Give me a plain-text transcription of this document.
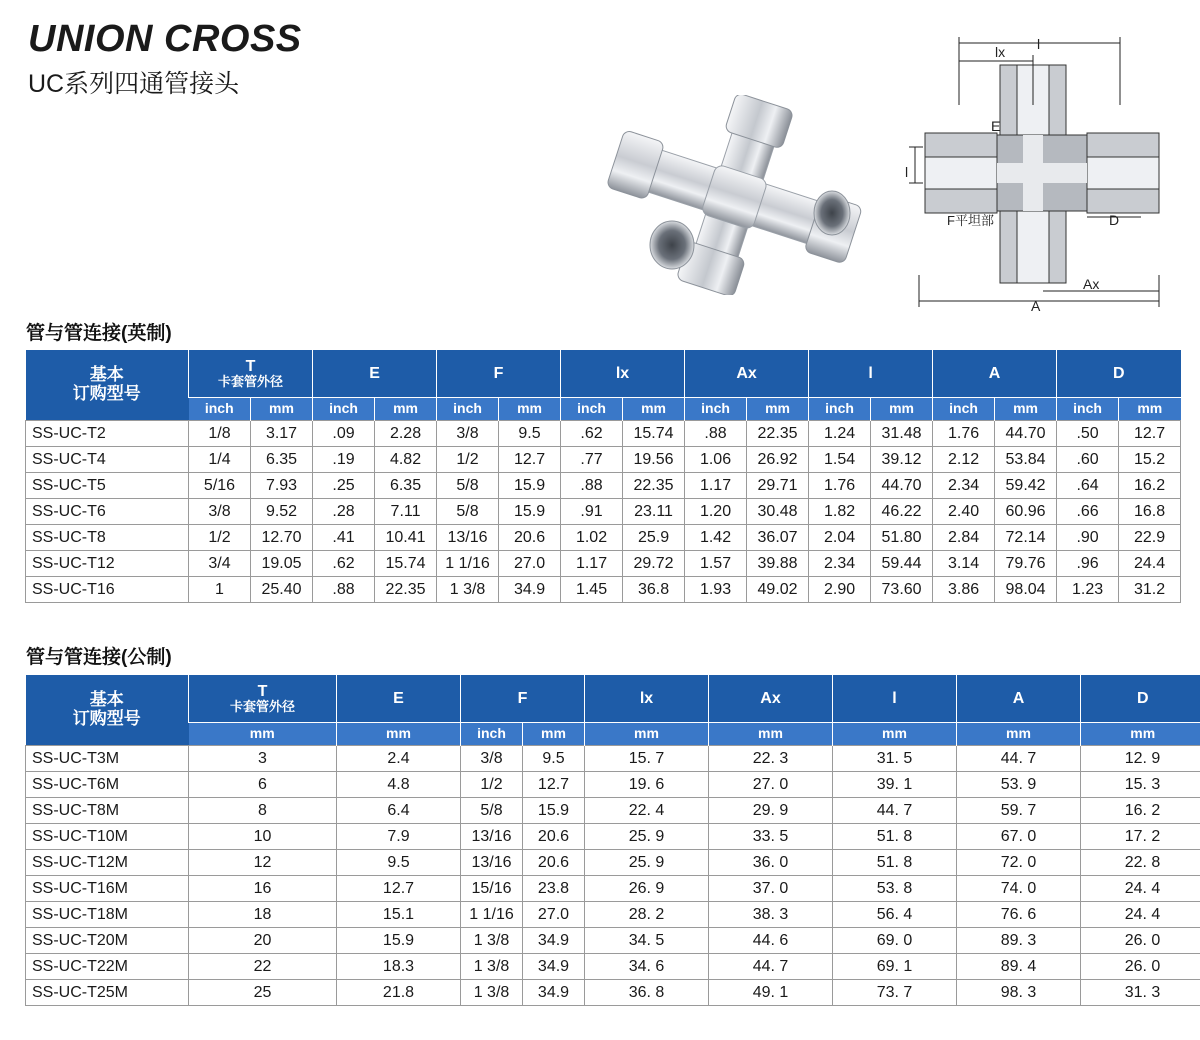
UNION CROSS
UC系列四通管接头
lx l
E
l
F平坦部	D
Ax
A
管与管连接(英制)
基本
订购型号	T
卡套管外径		E		F		lx		Ax		l		A		D	
	inch	mm	inch	mm	inch	mm	inch	mm	inch	mm	inch	mm	inch	mm	inch	mm
SS-UC-T2	1/8	3.17	.09	2.28	3/8	9.5	.62	15.74	.88	22.35	1.24	31.48	1.76	44.70	.50	12.7
SS-UC-T4	1/4	6.35	.19	4.82	1/2	12.7	.77	19.56	1.06	26.92	1.54	39.12	2.12	53.84	.60	15.2
SS-UC-T5	5/16	7.93	.25	6.35	5/8	15.9	.88	22.35	1.17	29.71	1.76	44.70	2.34	59.42	.64	16.2
SS-UC-T6	3/8	9.52	.28	7.11	5/8	15.9	.91	23.11	1.20	30.48	1.82	46.22	2.40	60.96	.66	16.8
SS-UC-T8	1/2	12.70	.41	10.41	13/16	20.6	1.02	25.9	1.42	36.07	2.04	51.80	2.84	72.14	.90	22.9
SS-UC-T12	3/4	19.05	.62	15.74	1 1/16	27.0	1.17	29.72	1.57	39.88	2.34	59.44	3.14	79.76	.96	24.4
SS-UC-T16	1	25.40	.88	22.35	1 3/8	34.9	1.45	36.8	1.93	49.02	2.90	73.60	3.86	98.04	1.23	31.2
管与管连接(公制)
基本
订购型号	T
卡套管外径	E	F		lx	Ax	l	A	D
	mm	mm	inch	mm	mm	mm	mm	mm	mm
SS-UC-T3M	3	2.4	3/8	9.5	15. 7	22. 3	31. 5	44. 7	12. 9
SS-UC-T6M	6	4.8	1/2	12.7	19. 6	27. 0	39. 1	53. 9	15. 3
SS-UC-T8M	8	6.4	5/8	15.9	22. 4	29. 9	44. 7	59. 7	16. 2
SS-UC-T10M	10	7.9	13/16	20.6	25. 9	33. 5	51. 8	67. 0	17. 2
SS-UC-T12M	12	9.5	13/16	20.6	25. 9	36. 0	51. 8	72. 0	22. 8
SS-UC-T16M	16	12.7	15/16	23.8	26. 9	37. 0	53. 8	74. 0	24. 4
SS-UC-T18M	18	15.1	1 1/16	27.0	28. 2	38. 3	56. 4	76. 6	24. 4
SS-UC-T20M	20	15.9	1 3/8	34.9	34. 5	44. 6	69. 0	89. 3	26. 0
SS-UC-T22M	22	18.3	1 3/8	34.9	34. 6	44. 7	69. 1	89. 4	26. 0
SS-UC-T25M	25	21.8	1 3/8	34.9	36. 8	49. 1	73. 7	98. 3	31. 3
